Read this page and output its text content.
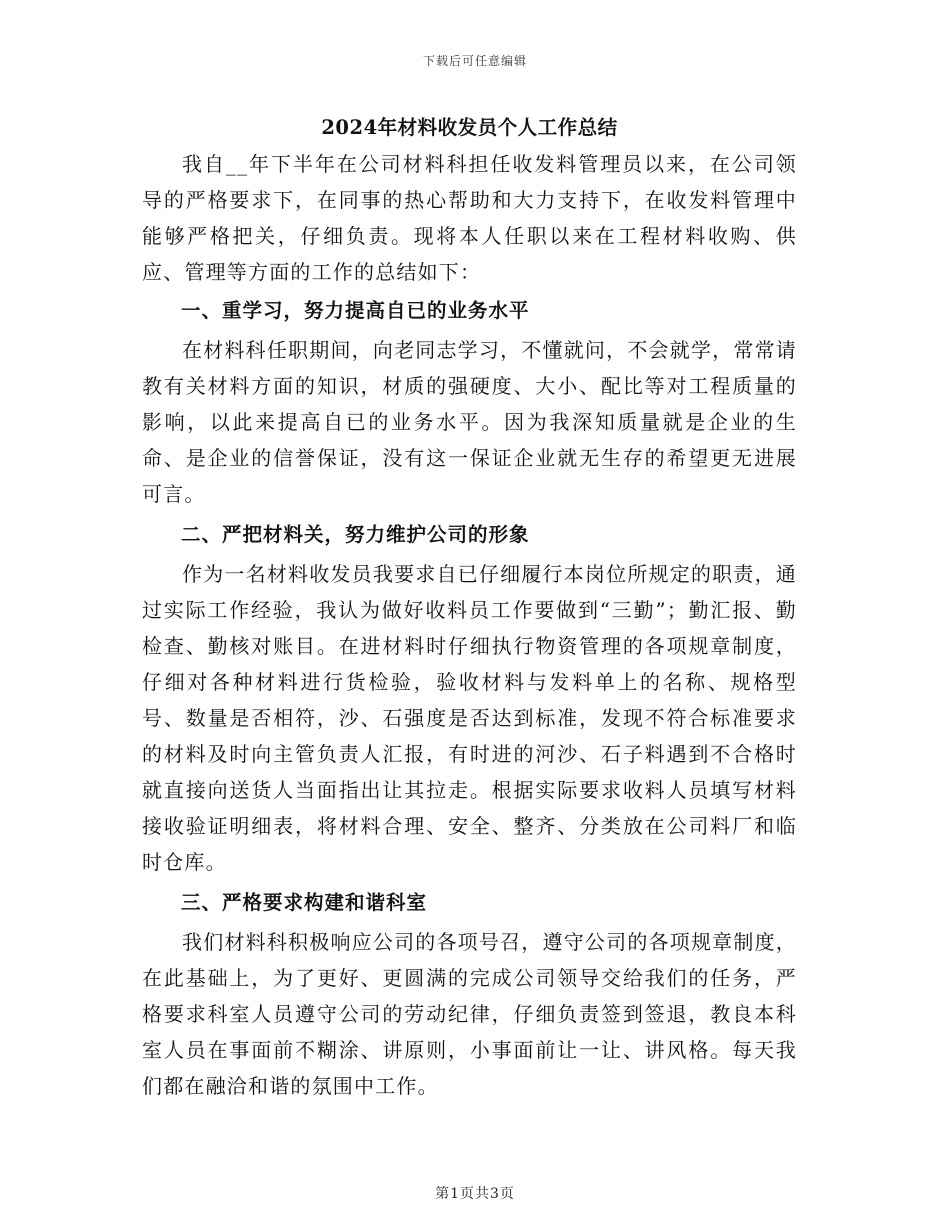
下载后可任意编辑
2024年材料收发员个人工作总结

我自__年下半年在公司材料科担任收发料管理员以来，在公司领导的严格要求下，在同事的热心帮助和大力支持下，在收发料管理中能够严格把关，仔细负责。现将本人任职以来在工程材料收购、供应、管理等方面的工作的总结如下：

一、重学习，努力提高自已的业务水平

在材料科任职期间，向老同志学习，不懂就问，不会就学，常常请教有关材料方面的知识，材质的强硬度、大小、配比等对工程质量的影响，以此来提高自已的业务水平。因为我深知质量就是企业的生命、是企业的信誉保证，没有这一保证企业就无生存的希望更无进展可言。

二、严把材料关，努力维护公司的形象

作为一名材料收发员我要求自已仔细履行本岗位所规定的职责，通过实际工作经验，我认为做好收料员工作要做到“三勤”；勤汇报、勤检查、勤核对账目。在进材料时仔细执行物资管理的各项规章制度，仔细对各种材料进行货检验，验收材料与发料单上的名称、规格型号、数量是否相符，沙、石强度是否达到标准，发现不符合标准要求的材料及时向主管负责人汇报，有时进的河沙、石子料遇到不合格时就直接向送货人当面指出让其拉走。根据实际要求收料人员填写材料接收验证明细表，将材料合理、安全、整齐、分类放在公司料厂和临时仓库。

三、严格要求构建和谐科室

我们材料科积极响应公司的各项号召，遵守公司的各项规章制度，在此基础上，为了更好、更圆满的完成公司领导交给我们的任务，严格要求科室人员遵守公司的劳动纪律，仔细负责签到签退，教良本科室人员在事面前不糊涂、讲原则，小事面前让一让、讲风格。每天我们都在融洽和谐的氛围中工作。

第1页共3页
